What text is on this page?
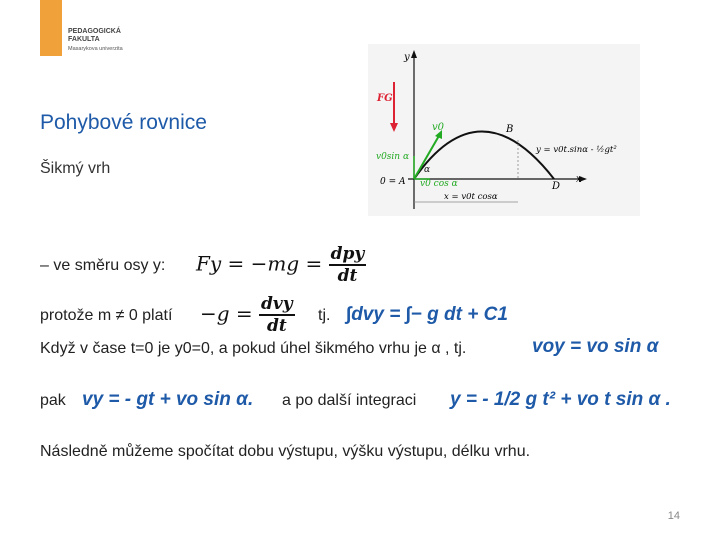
PEDAGOGICKÁ
FAKULTA
Masarykova univerzita
Pohybové rovnice
Šikmý vrh
y
x
FG
v0
v0sin α
v0 cos α
α
B
D
0 = A
y = v0t.sinα - ½gt²
x = v0t cosα
– ve směru osy y: $Fy = -mg = \frac{\text{dpy}}{dt}$
protože m ≠ 0 platí $-g = \frac{\text{dvy}}{dt}$ tj. ∫dvy = ∫− g dt + C1
Když v čase t=0 je y0=0, a pokud úhel šikmého vrhu je α , tj.	voy = vo sin α
pak vy = - gt + vo sin α. a po další integraci y = - 1/2 g t² + vo t sin α .
Následně můžeme spočítat dobu výstupu, výšku výstupu, délku vrhu.
14
